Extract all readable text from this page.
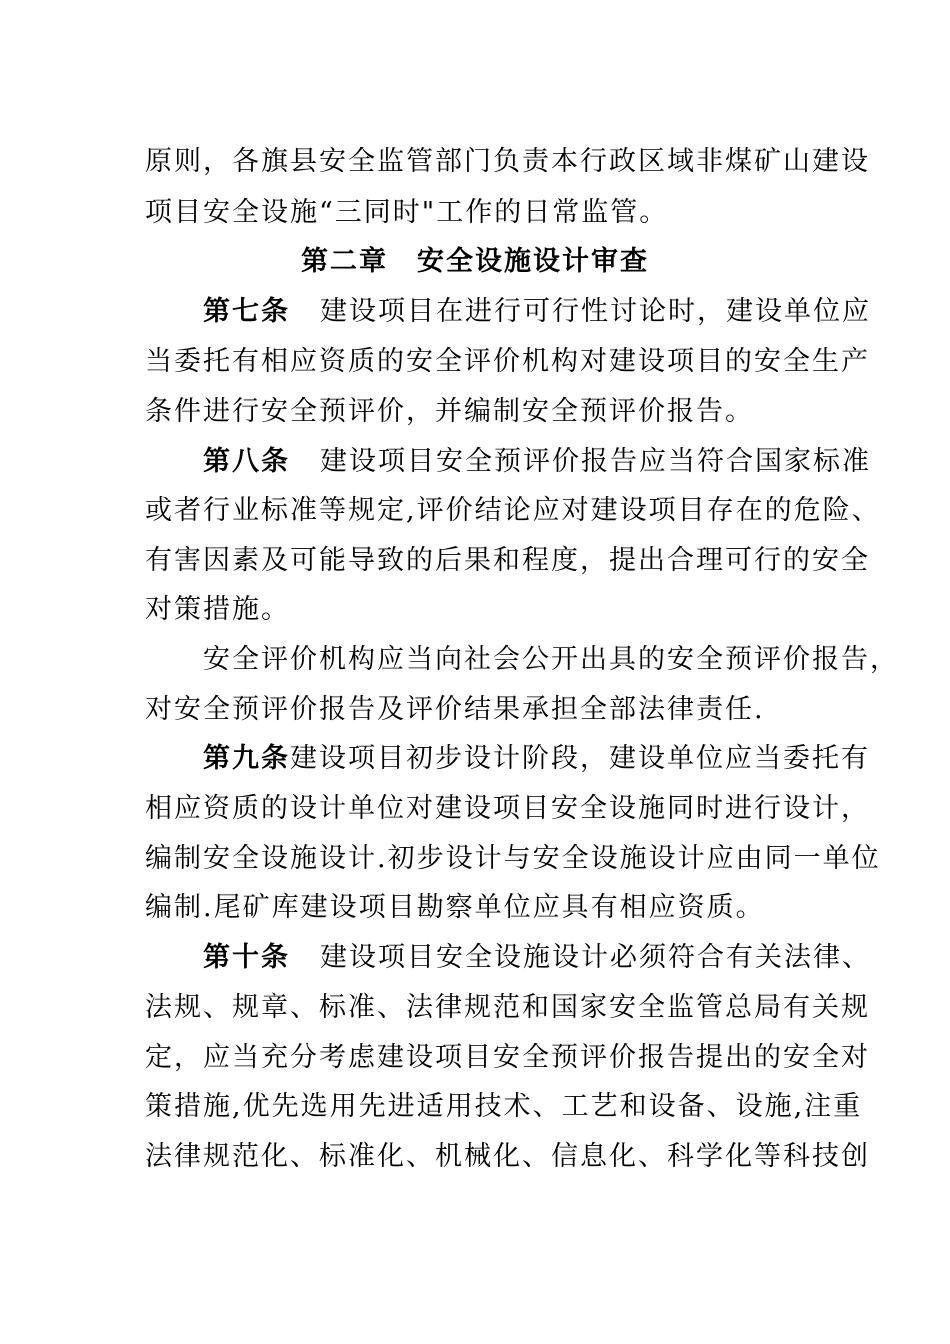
原则，各旗县安全监管部门负责本行政区域非煤矿山建设
项目安全设施“三同时"工作的日常监管。
第二章　安全设施设计审查
第七条 建设项目在进行可行性讨论时，建设单位应
当委托有相应资质的安全评价机构对建设项目的安全生产
条件进行安全预评价，并编制安全预评价报告。
第八条 建设项目安全预评价报告应当符合国家标准
或者行业标准等规定,评价结论应对建设项目存在的危险、
有害因素及可能导致的后果和程度，提出合理可行的安全
对策措施。
安全评价机构应当向社会公开出具的安全预评价报告，
对安全预评价报告及评价结果承担全部法律责任.
第九条建设项目初步设计阶段，建设单位应当委托有
相应资质的设计单位对建设项目安全设施同时进行设计，
编制安全设施设计.初步设计与安全设施设计应由同一单位
编制.尾矿库建设项目勘察单位应具有相应资质。
第十条 建设项目安全设施设计必须符合有关法律、
法规、规章、标准、法律规范和国家安全监管总局有关规
定，应当充分考虑建设项目安全预评价报告提出的安全对
策措施,优先选用先进适用技术、工艺和设备、设施,注重
法律规范化、标准化、机械化、信息化、科学化等科技创
